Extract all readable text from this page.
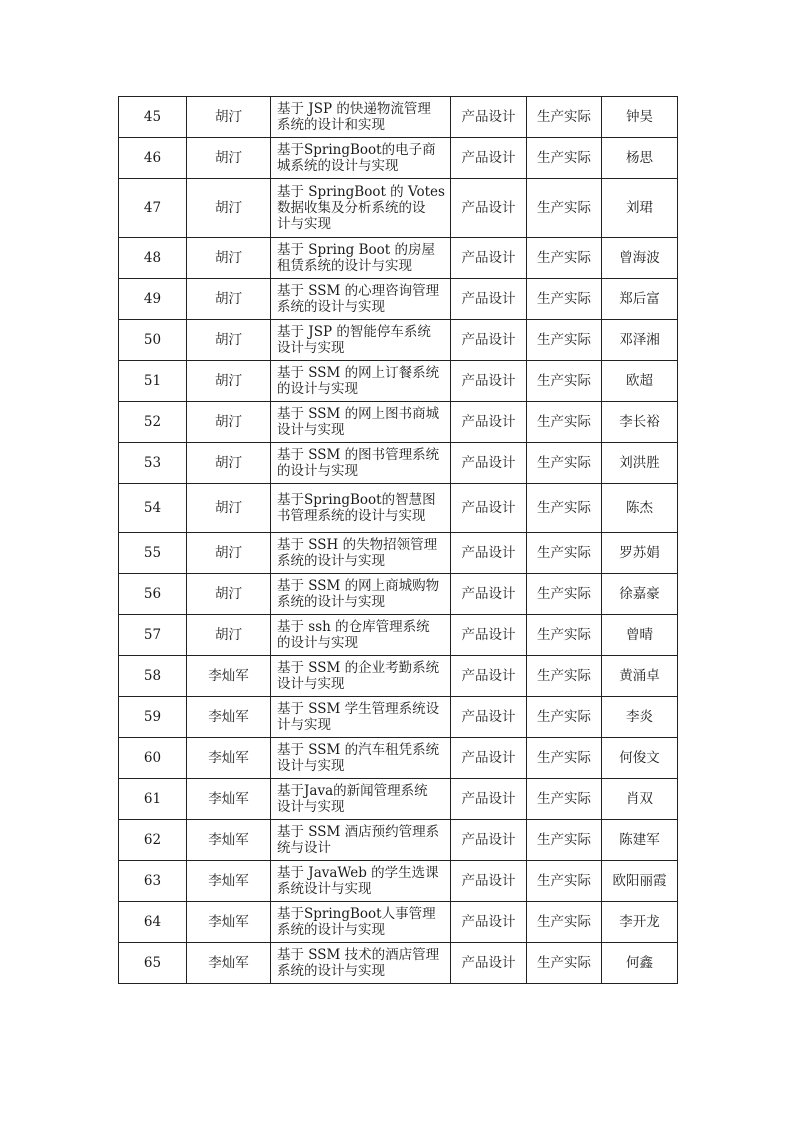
45	胡汀	基于 JSP 的快递物流管理
系统的设计和实现	产品设计	生产实际	钟昊
46	胡汀	基于SpringBoot的电子商
城系统的设计与实现	产品设计	生产实际	杨思
47	胡汀	基于 SpringBoot 的 Votes
数据收集及分析系统的设
计与实现	产品设计	生产实际	刘珺
48	胡汀	基于 Spring Boot 的房屋
租赁系统的设计与实现	产品设计	生产实际	曾海波
49	胡汀	基于 SSM 的心理咨询管理
系统的设计与实现	产品设计	生产实际	郑后富
50	胡汀	基于 JSP 的智能停车系统
设计与实现	产品设计	生产实际	邓泽湘
51	胡汀	基于 SSM 的网上订餐系统
的设计与实现	产品设计	生产实际	欧超
52	胡汀	基于 SSM 的网上图书商城
设计与实现	产品设计	生产实际	李长裕
53	胡汀	基于 SSM 的图书管理系统
的设计与实现	产品设计	生产实际	刘洪胜
54	胡汀	基于SpringBoot的智慧图
书管理系统的设计与实现	产品设计	生产实际	陈杰
55	胡汀	基于 SSH 的失物招领管理
系统的设计与实现	产品设计	生产实际	罗苏娟
56	胡汀	基于 SSM 的网上商城购物
系统的设计与实现	产品设计	生产实际	徐嘉豪
57	胡汀	基于 ssh 的仓库管理系统
的设计与实现	产品设计	生产实际	曾晴
58	李灿军	基于 SSM 的企业考勤系统
设计与实现	产品设计	生产实际	黄涌卓
59	李灿军	基于 SSM 学生管理系统设
计与实现	产品设计	生产实际	李炎
60	李灿军	基于 SSM 的汽车租凭系统
设计与实现	产品设计	生产实际	何俊文
61	李灿军	基于Java的新闻管理系统
设计与实现	产品设计	生产实际	肖双
62	李灿军	基于 SSM 酒店预约管理系
统与设计	产品设计	生产实际	陈建军
63	李灿军	基于 JavaWeb 的学生选课
系统设计与实现	产品设计	生产实际	欧阳丽霞
64	李灿军	基于SpringBoot人事管理
系统的设计与实现	产品设计	生产实际	李开龙
65	李灿军	基于 SSM 技术的酒店管理
系统的设计与实现	产品设计	生产实际	何鑫
